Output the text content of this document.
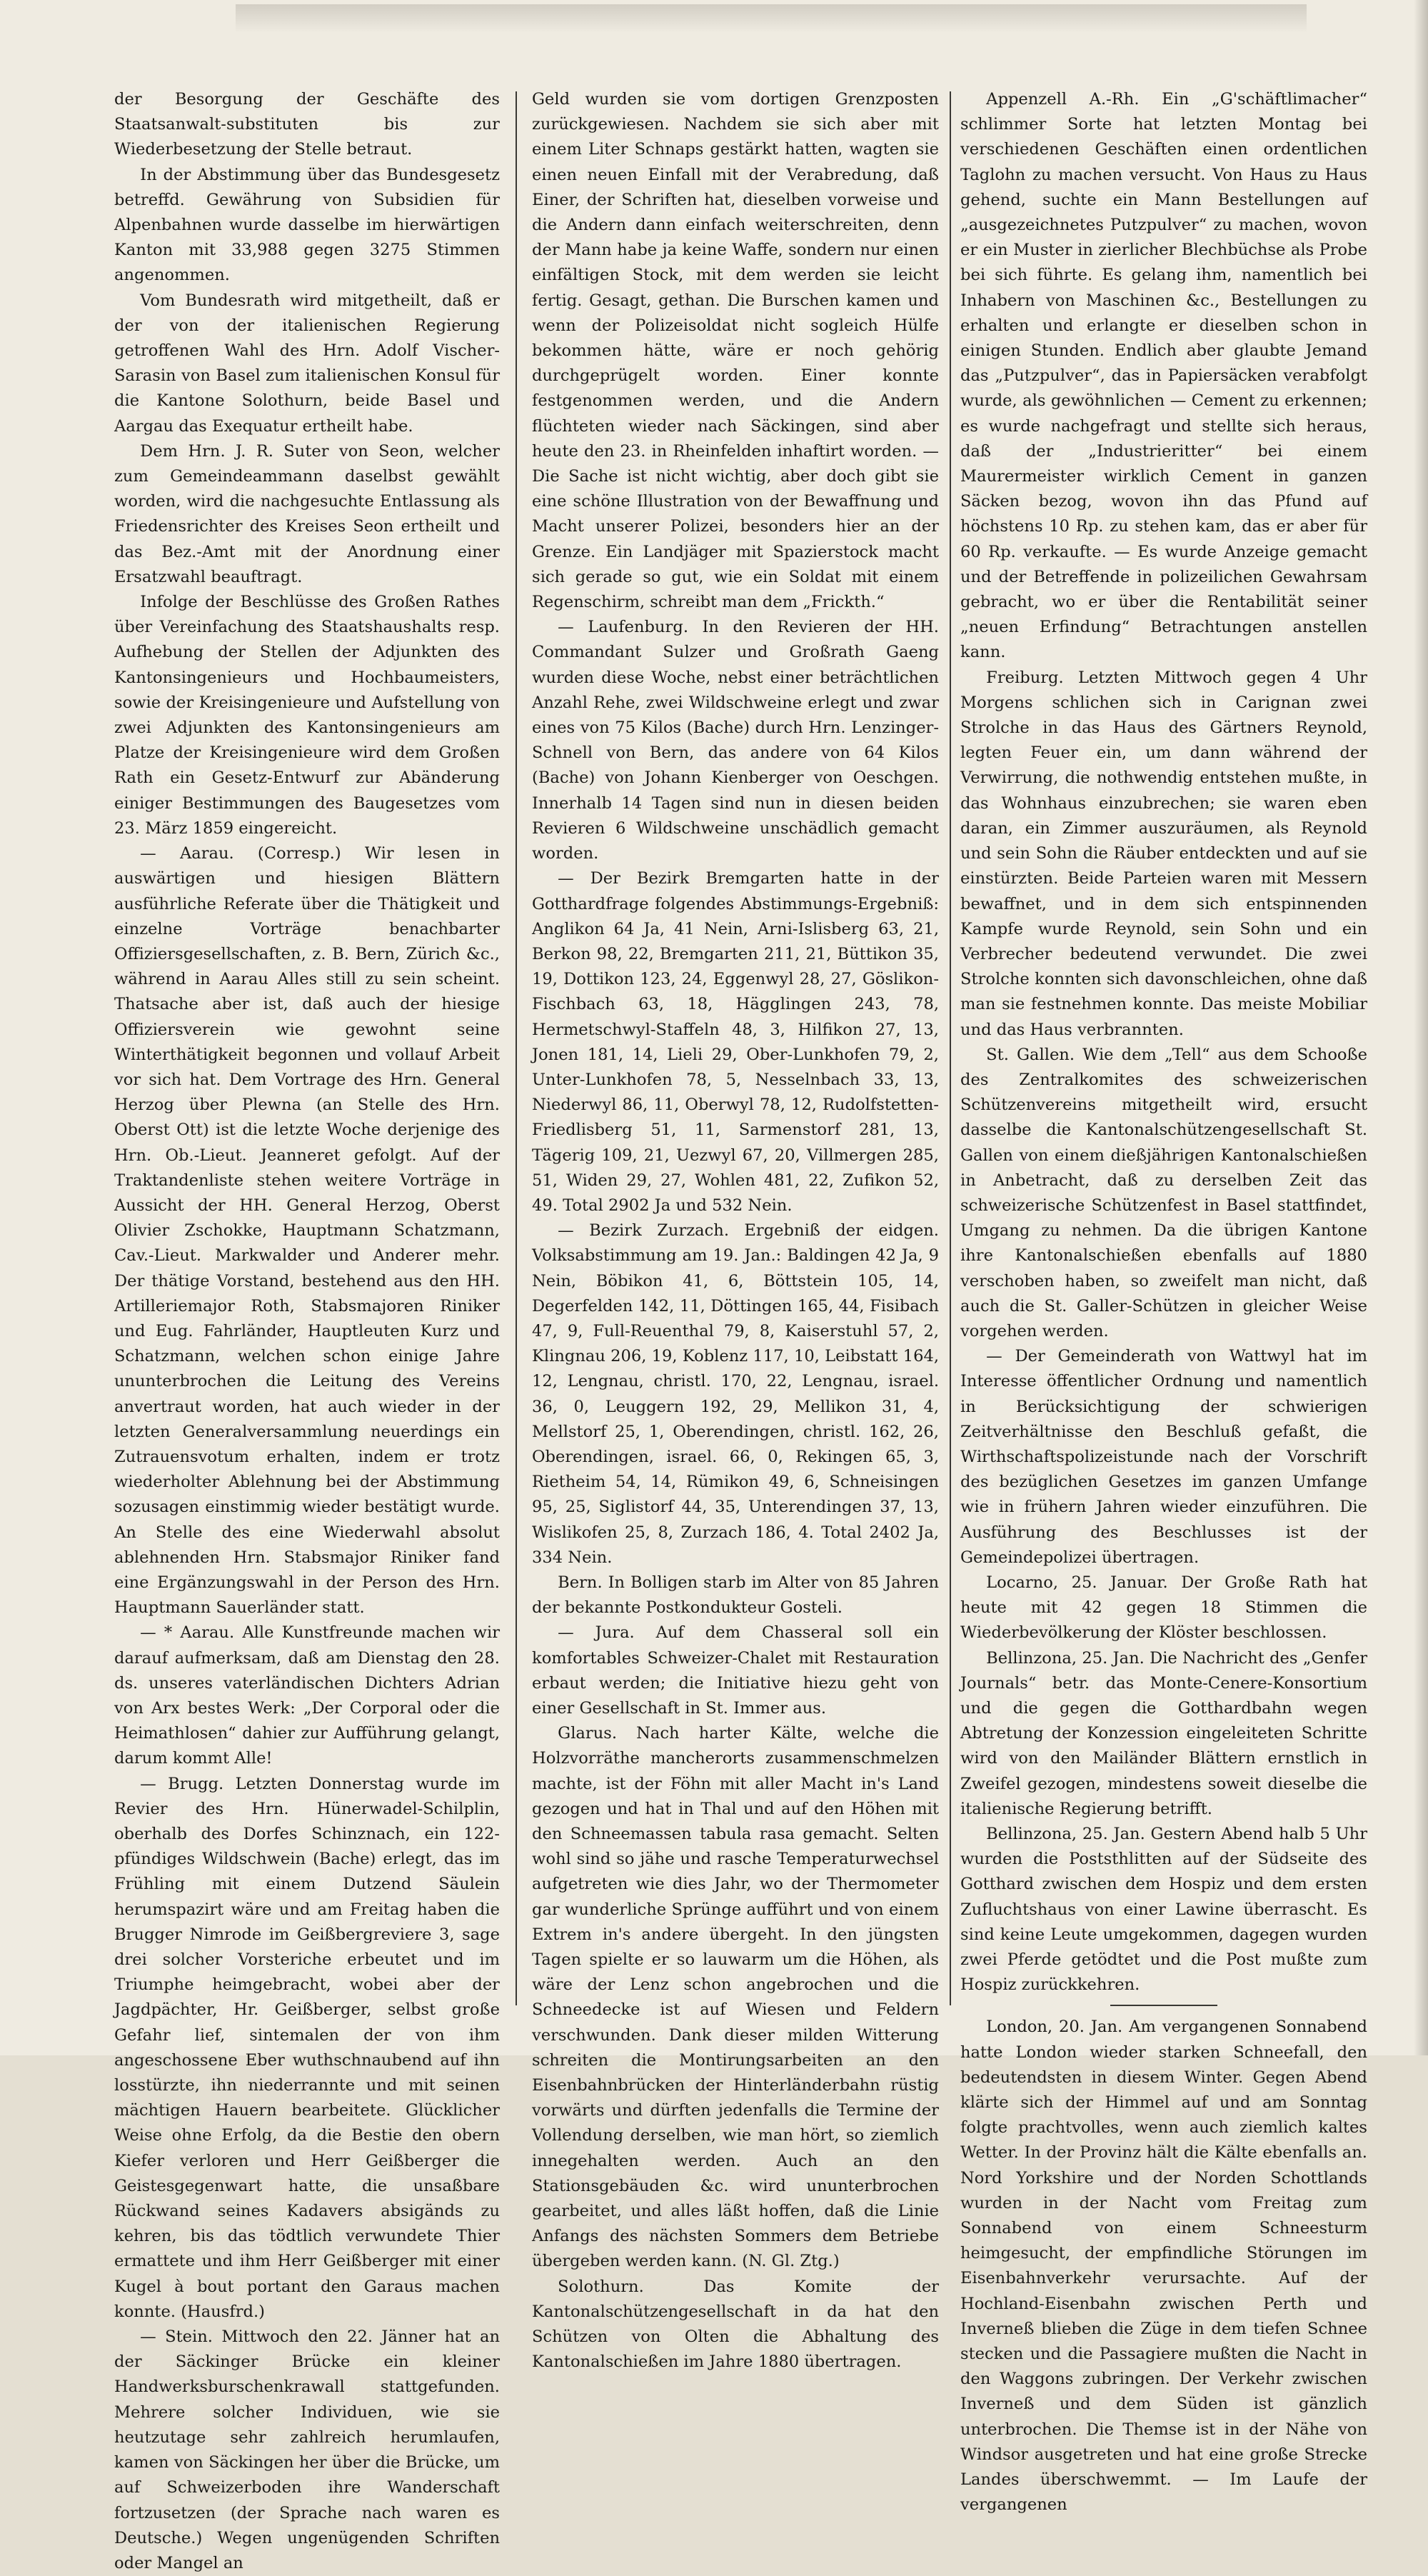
der Besorgung der Geschäfte des Staatsanwalt-substituten bis zur Wiederbesetzung der Stelle betraut.

In der Abstimmung über das Bundesgesetz betreffd. Gewährung von Subsidien für Alpenbahnen wurde dasselbe im hierwärtigen Kanton mit 33,988 gegen 3275 Stimmen angenommen.

Vom Bundesrath wird mitgetheilt, daß er der von der italienischen Regierung getroffenen Wahl des Hrn. Adolf Vischer-Sarasin von Basel zum italienischen Konsul für die Kantone Solothurn, beide Basel und Aargau das Exequatur ertheilt habe.

Dem Hrn. J. R. Suter von Seon, welcher zum Gemeindeammann daselbst gewählt worden, wird die nachgesuchte Entlassung als Friedensrichter des Kreises Seon ertheilt und das Bez.-Amt mit der Anordnung einer Ersatzwahl beauftragt.

Infolge der Beschlüsse des Großen Rathes über Vereinfachung des Staatshaushalts resp. Aufhebung der Stellen der Adjunkten des Kantonsingenieurs und Hochbaumeisters, sowie der Kreisingenieure und Aufstellung von zwei Adjunkten des Kantonsingenieurs am Platze der Kreisingenieure wird dem Großen Rath ein Gesetz-Entwurf zur Abänderung einiger Bestimmungen des Baugesetzes vom 23. März 1859 eingereicht.

— Aarau. (Corresp.) Wir lesen in auswärtigen und hiesigen Blättern ausführliche Referate über die Thätigkeit und einzelne Vorträge benachbarter Offiziersgesellschaften, z. B. Bern, Zürich &c., während in Aarau Alles still zu sein scheint. Thatsache aber ist, daß auch der hiesige Offiziersverein wie gewohnt seine Winterthätigkeit begonnen und vollauf Arbeit vor sich hat. Dem Vortrage des Hrn. General Herzog über Plewna (an Stelle des Hrn. Oberst Ott) ist die letzte Woche derjenige des Hrn. Ob.-Lieut. Jeanneret gefolgt. Auf der Traktandenliste stehen weitere Vorträge in Aussicht der HH. General Herzog, Oberst Olivier Zschokke, Hauptmann Schatzmann, Cav.-Lieut. Markwalder und Anderer mehr. Der thätige Vorstand, bestehend aus den HH. Artilleriemajor Roth, Stabsmajoren Riniker und Eug. Fahrländer, Hauptleuten Kurz und Schatzmann, welchen schon einige Jahre ununterbrochen die Leitung des Vereins anvertraut worden, hat auch wieder in der letzten Generalversammlung neuerdings ein Zutrauensvotum erhalten, indem er trotz wiederholter Ablehnung bei der Abstimmung sozusagen einstimmig wieder bestätigt wurde. An Stelle des eine Wiederwahl absolut ablehnenden Hrn. Stabsmajor Riniker fand eine Ergänzungswahl in der Person des Hrn. Hauptmann Sauerländer statt.

— * Aarau. Alle Kunstfreunde machen wir darauf aufmerksam, daß am Dienstag den 28. ds. unseres vaterländischen Dichters Adrian von Arx bestes Werk: „Der Corporal oder die Heimathlosen“ dahier zur Aufführung gelangt, darum kommt Alle!

— Brugg. Letzten Donnerstag wurde im Revier des Hrn. Hünerwadel-Schilplin, oberhalb des Dorfes Schinznach, ein 122-pfündiges Wildschwein (Bache) erlegt, das im Frühling mit einem Dutzend Säulein herumspazirt wäre und am Freitag haben die Brugger Nimrode im Geißbergreviere 3, sage drei solcher Vorsteriche erbeutet und im Triumphe heimgebracht, wobei aber der Jagdpächter, Hr. Geißberger, selbst große Gefahr lief, sintemalen der von ihm angeschossene Eber wuthschnaubend auf ihn losstürzte, ihn niederrannte und mit seinen mächtigen Hauern bearbeitete. Glücklicher Weise ohne Erfolg, da die Bestie den obern Kiefer verloren und Herr Geißberger die Geistesgegenwart hatte, die unsaßbare Rückwand seines Kadavers absigänds zu kehren, bis das tödtlich verwundete Thier ermattete und ihm Herr Geißberger mit einer Kugel à bout portant den Garaus machen konnte. (Hausfrd.)

— Stein. Mittwoch den 22. Jänner hat an der Säckinger Brücke ein kleiner Handwerksburschenkrawall stattgefunden. Mehrere solcher Individuen, wie sie heutzutage sehr zahlreich herumlaufen, kamen von Säckingen her über die Brücke, um auf Schweizerboden ihre Wanderschaft fortzusetzen (der Sprache nach waren es Deutsche.) Wegen ungenügenden Schriften oder Mangel an

Geld wurden sie vom dortigen Grenzposten zurückgewiesen. Nachdem sie sich aber mit einem Liter Schnaps gestärkt hatten, wagten sie einen neuen Einfall mit der Verabredung, daß Einer, der Schriften hat, dieselben vorweise und die Andern dann einfach weiterschreiten, denn der Mann habe ja keine Waffe, sondern nur einen einfältigen Stock, mit dem werden sie leicht fertig. Gesagt, gethan. Die Burschen kamen und wenn der Polizeisoldat nicht sogleich Hülfe bekommen hätte, wäre er noch gehörig durchgeprügelt worden. Einer konnte festgenommen werden, und die Andern flüchteten wieder nach Säckingen, sind aber heute den 23. in Rheinfelden inhaftirt worden. — Die Sache ist nicht wichtig, aber doch gibt sie eine schöne Illustration von der Bewaffnung und Macht unserer Polizei, besonders hier an der Grenze. Ein Landjäger mit Spazierstock macht sich gerade so gut, wie ein Soldat mit einem Regenschirm, schreibt man dem „Frickth.“

— Laufenburg. In den Revieren der HH. Commandant Sulzer und Großrath Gaeng wurden diese Woche, nebst einer beträchtlichen Anzahl Rehe, zwei Wildschweine erlegt und zwar eines von 75 Kilos (Bache) durch Hrn. Lenzinger-Schnell von Bern, das andere von 64 Kilos (Bache) von Johann Kienberger von Oeschgen. Innerhalb 14 Tagen sind nun in diesen beiden Revieren 6 Wildschweine unschädlich gemacht worden.

— Der Bezirk Bremgarten hatte in der Gotthardfrage folgendes Abstimmungs-Ergebniß: Anglikon 64 Ja, 41 Nein, Arni-Islisberg 63, 21, Berkon 98, 22, Bremgarten 211, 21, Büttikon 35, 19, Dottikon 123, 24, Eggenwyl 28, 27, Göslikon-Fischbach 63, 18, Hägglingen 243, 78, Hermetschwyl-Staffeln 48, 3, Hilfikon 27, 13, Jonen 181, 14, Lieli 29, Ober-Lunkhofen 79, 2, Unter-Lunkhofen 78, 5, Nesselnbach 33, 13, Niederwyl 86, 11, Oberwyl 78, 12, Rudolfstetten-Friedlisberg 51, 11, Sarmenstorf 281, 13, Tägerig 109, 21, Uezwyl 67, 20, Villmergen 285, 51, Widen 29, 27, Wohlen 481, 22, Zufikon 52, 49. Total 2902 Ja und 532 Nein.

— Bezirk Zurzach. Ergebniß der eidgen. Volksabstimmung am 19. Jan.: Baldingen 42 Ja, 9 Nein, Böbikon 41, 6, Böttstein 105, 14, Degerfelden 142, 11, Döttingen 165, 44, Fisibach 47, 9, Full-Reuenthal 79, 8, Kaiserstuhl 57, 2, Klingnau 206, 19, Koblenz 117, 10, Leibstatt 164, 12, Lengnau, christl. 170, 22, Lengnau, israel. 36, 0, Leuggern 192, 29, Mellikon 31, 4, Mellstorf 25, 1, Oberendingen, christl. 162, 26, Oberendingen, israel. 66, 0, Rekingen 65, 3, Rietheim 54, 14, Rümikon 49, 6, Schneisingen 95, 25, Siglistorf 44, 35, Unterendingen 37, 13, Wislikofen 25, 8, Zurzach 186, 4. Total 2402 Ja, 334 Nein.

Bern. In Bolligen starb im Alter von 85 Jahren der bekannte Postkondukteur Gosteli.

— Jura. Auf dem Chasseral soll ein komfortables Schweizer-Chalet mit Restauration erbaut werden; die Initiative hiezu geht von einer Gesellschaft in St. Immer aus.

Glarus. Nach harter Kälte, welche die Holzvorräthe mancherorts zusammenschmelzen machte, ist der Föhn mit aller Macht in's Land gezogen und hat in Thal und auf den Höhen mit den Schneemassen tabula rasa gemacht. Selten wohl sind so jähe und rasche Temperaturwechsel aufgetreten wie dies Jahr, wo der Thermometer gar wunderliche Sprünge aufführt und von einem Extrem in's andere übergeht. In den jüngsten Tagen spielte er so lauwarm um die Höhen, als wäre der Lenz schon angebrochen und die Schneedecke ist auf Wiesen und Feldern verschwunden. Dank dieser milden Witterung schreiten die Montirungsarbeiten an den Eisenbahnbrücken der Hinterländerbahn rüstig vorwärts und dürften jedenfalls die Termine der Vollendung derselben, wie man hört, so ziemlich innegehalten werden. Auch an den Stationsgebäuden &c. wird ununterbrochen gearbeitet, und alles läßt hoffen, daß die Linie Anfangs des nächsten Sommers dem Betriebe übergeben werden kann. (N. Gl. Ztg.)

Solothurn. Das Komite der Kantonalschützengesellschaft in da hat den Schützen von Olten die Abhaltung des Kantonalschießen im Jahre 1880 übertragen.

Appenzell A.-Rh. Ein „G'schäftlimacher“ schlimmer Sorte hat letzten Montag bei verschiedenen Geschäften einen ordentlichen Taglohn zu machen versucht. Von Haus zu Haus gehend, suchte ein Mann Bestellungen auf „ausgezeichnetes Putzpulver“ zu machen, wovon er ein Muster in zierlicher Blechbüchse als Probe bei sich führte. Es gelang ihm, namentlich bei Inhabern von Maschinen &c., Bestellungen zu erhalten und erlangte er dieselben schon in einigen Stunden. Endlich aber glaubte Jemand das „Putzpulver“, das in Papiersäcken verabfolgt wurde, als gewöhnlichen — Cement zu erkennen; es wurde nachgefragt und stellte sich heraus, daß der „Industrieritter“ bei einem Maurermeister wirklich Cement in ganzen Säcken bezog, wovon ihn das Pfund auf höchstens 10 Rp. zu stehen kam, das er aber für 60 Rp. verkaufte. — Es wurde Anzeige gemacht und der Betreffende in polizeilichen Gewahrsam gebracht, wo er über die Rentabilität seiner „neuen Erfindung“ Betrachtungen anstellen kann.

Freiburg. Letzten Mittwoch gegen 4 Uhr Morgens schlichen sich in Carignan zwei Strolche in das Haus des Gärtners Reynold, legten Feuer ein, um dann während der Verwirrung, die nothwendig entstehen mußte, in das Wohnhaus einzubrechen; sie waren eben daran, ein Zimmer auszuräumen, als Reynold und sein Sohn die Räuber entdeckten und auf sie einstürzten. Beide Parteien waren mit Messern bewaffnet, und in dem sich entspinnenden Kampfe wurde Reynold, sein Sohn und ein Verbrecher bedeutend verwundet. Die zwei Strolche konnten sich davonschleichen, ohne daß man sie festnehmen konnte. Das meiste Mobiliar und das Haus verbrannten.

St. Gallen. Wie dem „Tell“ aus dem Schooße des Zentralkomites des schweizerischen Schützenvereins mitgetheilt wird, ersucht dasselbe die Kantonalschützengesellschaft St. Gallen von einem dießjährigen Kantonalschießen in Anbetracht, daß zu derselben Zeit das schweizerische Schützenfest in Basel stattfindet, Umgang zu nehmen. Da die übrigen Kantone ihre Kantonalschießen ebenfalls auf 1880 verschoben haben, so zweifelt man nicht, daß auch die St. Galler-Schützen in gleicher Weise vorgehen werden.

— Der Gemeinderath von Wattwyl hat im Interesse öffentlicher Ordnung und namentlich in Berücksichtigung der schwierigen Zeitverhältnisse den Beschluß gefaßt, die Wirthschaftspolizeistunde nach der Vorschrift des bezüglichen Gesetzes im ganzen Umfange wie in frühern Jahren wieder einzuführen. Die Ausführung des Beschlusses ist der Gemeindepolizei übertragen.

Locarno, 25. Januar. Der Große Rath hat heute mit 42 gegen 18 Stimmen die Wiederbevölkerung der Klöster beschlossen.

Bellinzona, 25. Jan. Die Nachricht des „Genfer Journals“ betr. das Monte-Cenere-Konsortium und die gegen die Gotthardbahn wegen Abtretung der Konzession eingeleiteten Schritte wird von den Mailänder Blättern ernstlich in Zweifel gezogen, mindestens soweit dieselbe die italienische Regierung betrifft.

Bellinzona, 25. Jan. Gestern Abend halb 5 Uhr wurden die Poststhlitten auf der Südseite des Gotthard zwischen dem Hospiz und dem ersten Zufluchtshaus von einer Lawine überrascht. Es sind keine Leute umgekommen, dagegen wurden zwei Pferde getödtet und die Post mußte zum Hospiz zurückkehren.

London, 20. Jan. Am vergangenen Sonnabend hatte London wieder starken Schneefall, den bedeutendsten in diesem Winter. Gegen Abend klärte sich der Himmel auf und am Sonntag folgte prachtvolles, wenn auch ziemlich kaltes Wetter. In der Provinz hält die Kälte ebenfalls an. Nord Yorkshire und der Norden Schottlands wurden in der Nacht vom Freitag zum Sonnabend von einem Schneesturm heimgesucht, der empfindliche Störungen im Eisenbahnverkehr verursachte. Auf der Hochland-Eisenbahn zwischen Perth und Inverneß blieben die Züge in dem tiefen Schnee stecken und die Passagiere mußten die Nacht in den Waggons zubringen. Der Verkehr zwischen Inverneß und dem Süden ist gänzlich unterbrochen. Die Themse ist in der Nähe von Windsor ausgetreten und hat eine große Strecke Landes überschwemmt. — Im Laufe der vergangenen
